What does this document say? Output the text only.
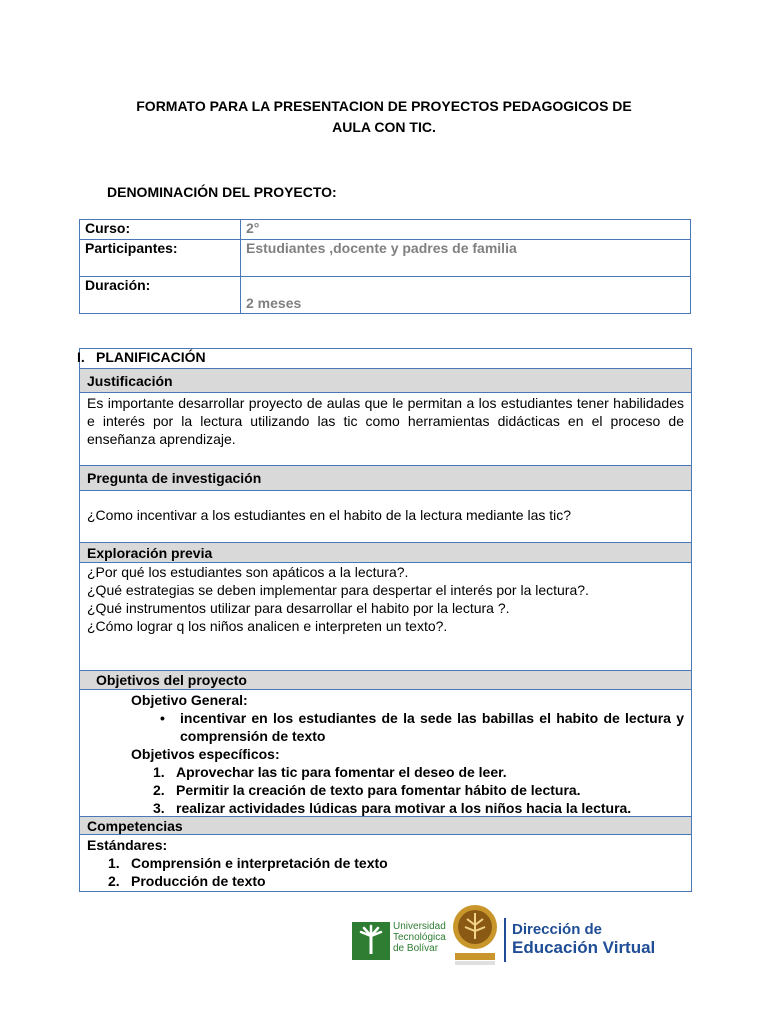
FORMATO PARA LA PRESENTACION DE PROYECTOS PEDAGOGICOS DE
AULA CON TIC.
DENOMINACIÓN DEL PROYECTO:
Curso:	2°
Participantes:	Estudiantes ,docente y padres de familia
Duración:	2 meses
I. PLANIFICACIÓN
Justificación
Es importante desarrollar proyecto de aulas que le permitan a los estudiantes tener habilidades e interés por la lectura utilizando las tic como herramientas didácticas en el proceso de enseñanza aprendizaje.
Pregunta de investigación
¿Como incentivar a los estudiantes en el habito de la lectura mediante las tic?
Exploración previa
¿Por qué los estudiantes son apáticos a la lectura?.
¿Qué estrategias se deben implementar para despertar el interés por la lectura?.
¿Qué instrumentos utilizar para desarrollar el habito por la lectura ?.
¿Cómo lograr q los niños analicen e interpreten un texto?.
Objetivos del proyecto
Objetivo General:
• incentivar en los estudiantes de la sede las babillas el habito de lectura y comprensión de texto
Objetivos específicos:
1. Aprovechar las tic para fomentar el deseo de leer.
2. Permitir la creación de texto para fomentar hábito de lectura.
3. realizar actividades lúdicas para motivar a los niños hacia la lectura.
Competencias
Estándares:
1. Comprensión e interpretación de texto
2. Producción de texto
Universidad
Tecnológica
de Bolívar
Dirección de
Educación Virtual
